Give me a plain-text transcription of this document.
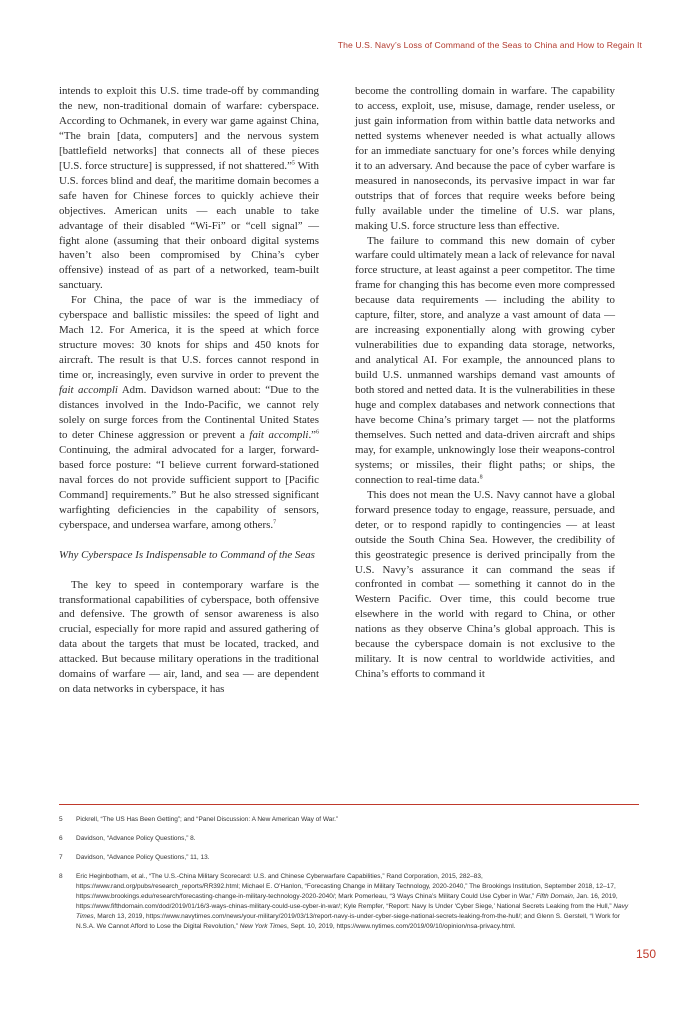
The U.S. Navy’s Loss of Command of the Seas to China and How to Regain It

intends to exploit this U.S. time trade-off by commanding the new, non-traditional domain of warfare: cyberspace. According to Ochmanek, in every war game against China, “The brain [data, computers] and the nervous system [battlefield networks] that connects all of these pieces [U.S. force structure] is suppressed, if not shattered.”$^5$ With U.S. forces blind and deaf, the maritime domain becomes a safe haven for Chinese forces to quickly achieve their objectives. American units — each unable to take advantage of their disabled “Wi-Fi” or “cell signal” — fight alone (assuming that their onboard digital systems haven’t also been compromised by China’s cyber offensive) instead of as part of a networked, team-built sanctuary.

For China, the pace of war is the immediacy of cyberspace and ballistic missiles: the speed of light and Mach 12. For America, it is the speed at which force structure moves: 30 knots for ships and 450 knots for aircraft. The result is that U.S. forces cannot respond in time or, increasingly, even survive in order to prevent the fait accompli Adm. Davidson warned about: “Due to the distances involved in the Indo-Pacific, we cannot rely solely on surge forces from the Continental United States to deter Chinese aggression or prevent a fait accompli.”$^6$ Continuing, the admiral advocated for a larger, forward-based force posture: “I believe current forward-stationed naval forces do not provide sufficient support to [Pacific Command] requirements.” But he also stressed significant warfighting deficiencies in the capability of sensors, cyberspace, and undersea warfare, among others.$^7$

Why Cyberspace Is Indispensable to Command of the Seas

The key to speed in contemporary warfare is the transformational capabilities of cyberspace, both offensive and defensive. The growth of sensor awareness is also crucial, especially for more rapid and assured gathering of data about the targets that must be located, tracked, and attacked. But because military operations in the traditional domains of warfare — air, land, and sea — are dependent on data networks in cyberspace, it has

become the controlling domain in warfare. The capability to access, exploit, use, misuse, damage, render useless, or just gain information from within battle data networks and netted systems whenever needed is what actually allows for an immediate sanctuary for one’s forces while denying it to an adversary. And because the pace of cyber warfare is measured in nanoseconds, its pervasive impact in war far outstrips that of forces that require weeks before being fully available under the timeline of U.S. war plans, making U.S. force structure less than effective.

The failure to command this new domain of cyber warfare could ultimately mean a lack of relevance for naval force structure, at least against a peer competitor. The time frame for changing this has become even more compressed because data requirements — including the ability to capture, filter, store, and analyze a vast amount of data — are increasing exponentially along with growing cyber vulnerabilities due to expanding data storage, networks, and analytical AI. For example, the announced plans to build U.S. unmanned warships demand vast amounts of both stored and netted data. It is the vulnerabilities in these huge and complex databases and network connections that have become China’s primary target — not the platforms themselves. Such netted and data-driven aircraft and ships may, for example, unknowingly lose their weapons-control systems; or missiles, their flight paths; or ships, the connection to real-time data.$^8$

This does not mean the U.S. Navy cannot have a global forward presence today to engage, reassure, persuade, and deter, or to respond rapidly to contingencies — at least outside the South China Sea. However, the credibility of this geostrategic presence is derived principally from the U.S. Navy’s assurance it can command the seas if confronted in combat — something it cannot do in the Western Pacific. Over time, this could become true elsewhere in the world with regard to China, or other nations as they observe China’s global approach. This is because the cyberspace domain is not exclusive to the military. It is now central to worldwide activities, and China’s efforts to command it

5	Pickrell, “The US Has Been Getting”; and “Panel Discussion: A New American Way of War.”
6	Davidson, “Advance Policy Questions,” 8.
7	Davidson, “Advance Policy Questions,” 11, 13.
8	Eric Heginbotham, et al., “The U.S.-China Military Scorecard: U.S. and Chinese Cyberwarfare Capabilities,” Rand Corporation, 2015, 282–83, https://www.rand.org/pubs/research_reports/RR392.html; Michael E. O’Hanlon, “Forecasting Change in Military Technology, 2020-2040,” The Brookings Institution, September 2018, 12–17, https://www.brookings.edu/research/forecasting-change-in-military-technology-2020-2040/; Mark Pomerleau, “3 Ways China’s Military Could Use Cyber in War,” Fifth Domain, Jan. 16, 2019, https://www.fifthdomain.com/dod/2019/01/16/3-ways-chinas-military-could-use-cyber-in-war/; Kyle Rempfer, “Report: Navy Is Under ‘Cyber Siege,’ National Secrets Leaking from the Hull,” Navy Times, March 13, 2019, https://www.navytimes.com/news/your-military/2019/03/13/report-navy-is-under-cyber-siege-national-secrets-leaking-from-the-hull/; and Glenn S. Gerstell, “I Work for N.S.A. We Cannot Afford to Lose the Digital Revolution,” New York Times, Sept. 10, 2019, https://www.nytimes.com/2019/09/10/opinion/nsa-privacy.html.
150
